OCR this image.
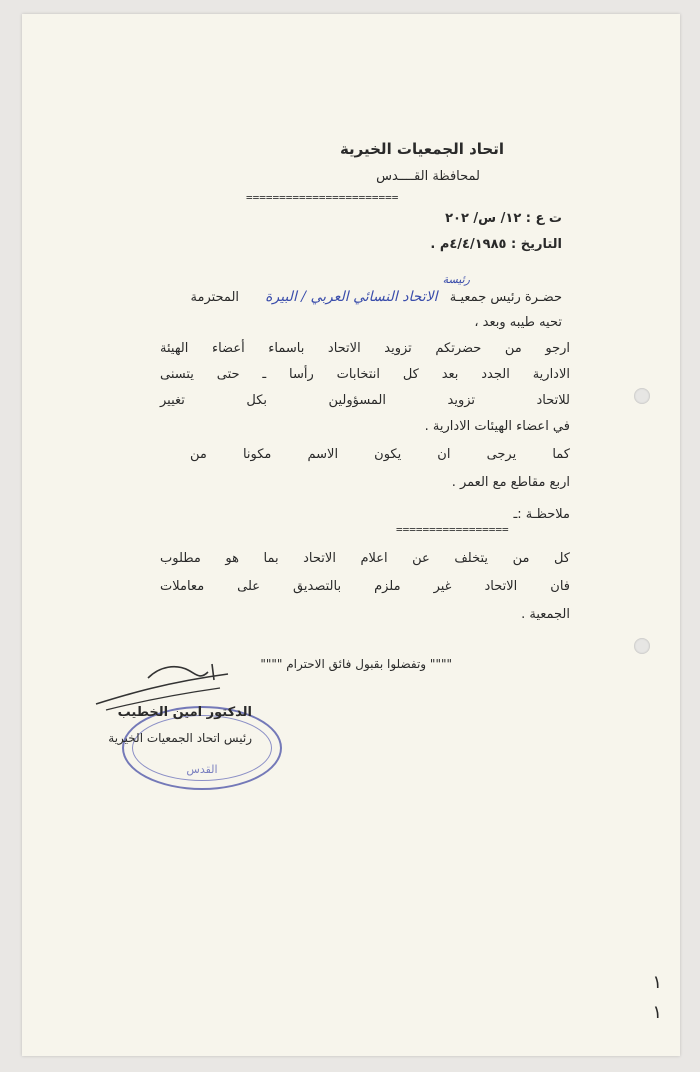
اتحاد الجمعيات الخيرية
لمحافظة القــــدس
=======================
ت ع : ١٢/ س/ ٢٠٢
التاريخ : ٤/٤/١٩٨٥م .
رئيسة
حضـرة رئيس جمعيـة الاتحاد النسائي العربي / البيرة المحترمة
تحيه طيبه وبعد ،
ارجو من حضرتكم تزويد الاتحاد باسماء أعضاء الهيئة
الادارية الجدد بعد كل انتخابات رأسا ـ حتى يتسنى
للاتحاد تزويد المسؤولين بكل تغيير
في اعضاء الهيئات الادارية .
كما يرجى ان يكون الاسم مكونا من
اربع مقاطع مع العمر .
ملاحظـة :ـ
=================
كل من يتخلف عن اعلام الاتحاد بما هو مطلوب
فان الاتحاد غير ملزم بالتصديق على معاملات
الجمعية .
"""" وتفضلوا بقبول فائق الاحترام """"
القدس
الدكتور امين الخطيب
رئيس اتحاد الجمعيات الخيرية
١
١
